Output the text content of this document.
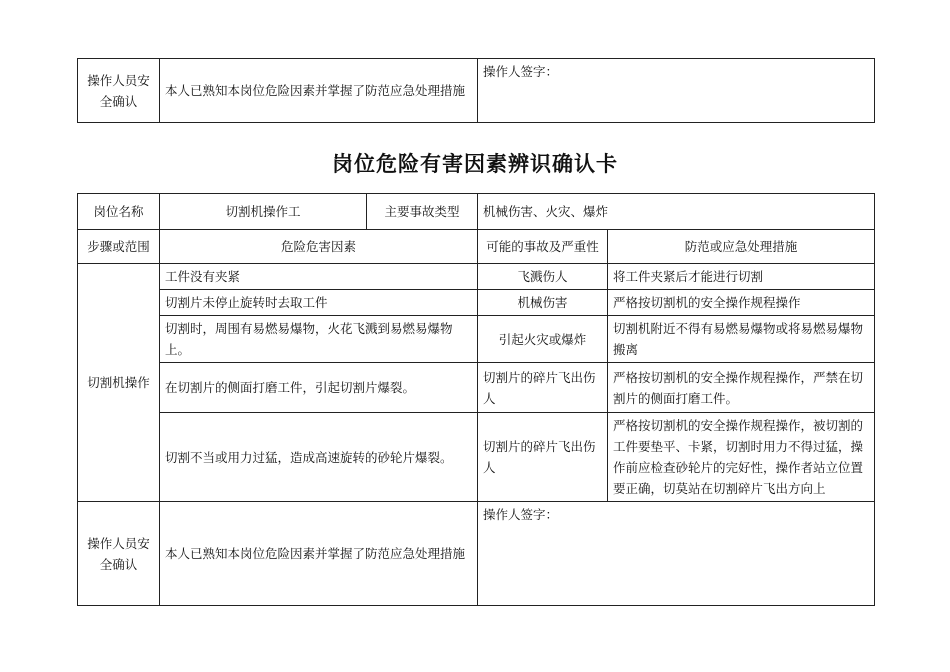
操作人员安全确认	本人已熟知本岗位危险因素并掌握了防范应急处理措施	操作人签字：
岗位危险有害因素辨识确认卡
岗位名称	切割机操作工	主要事故类型	机械伤害、火灾、爆炸	
步骤或范围	危险危害因素		可能的事故及严重性	防范或应急处理措施
切割机操作	工件没有夹紧		飞溅伤人	将工件夹紧后才能进行切割
	切割片未停止旋转时去取工件		机械伤害	严格按切割机的安全操作规程操作
	切割时，周围有易燃易爆物，火花飞溅到易燃易爆物上。		引起火灾或爆炸	切割机附近不得有易燃易爆物或将易燃易爆物搬离
	在切割片的侧面打磨工件，引起切割片爆裂。		切割片的碎片飞出伤人	严格按切割机的安全操作规程操作，严禁在切割片的侧面打磨工件。
	切割不当或用力过猛，造成高速旋转的砂轮片爆裂。		切割片的碎片飞出伤人	严格按切割机的安全操作规程操作，被切割的工件要垫平、卡紧，切割时用力不得过猛，操作前应检查砂轮片的完好性，操作者站立位置要正确，切莫站在切割碎片飞出方向上
操作人员安全确认	本人已熟知本岗位危险因素并掌握了防范应急处理措施		操作人签字：	
